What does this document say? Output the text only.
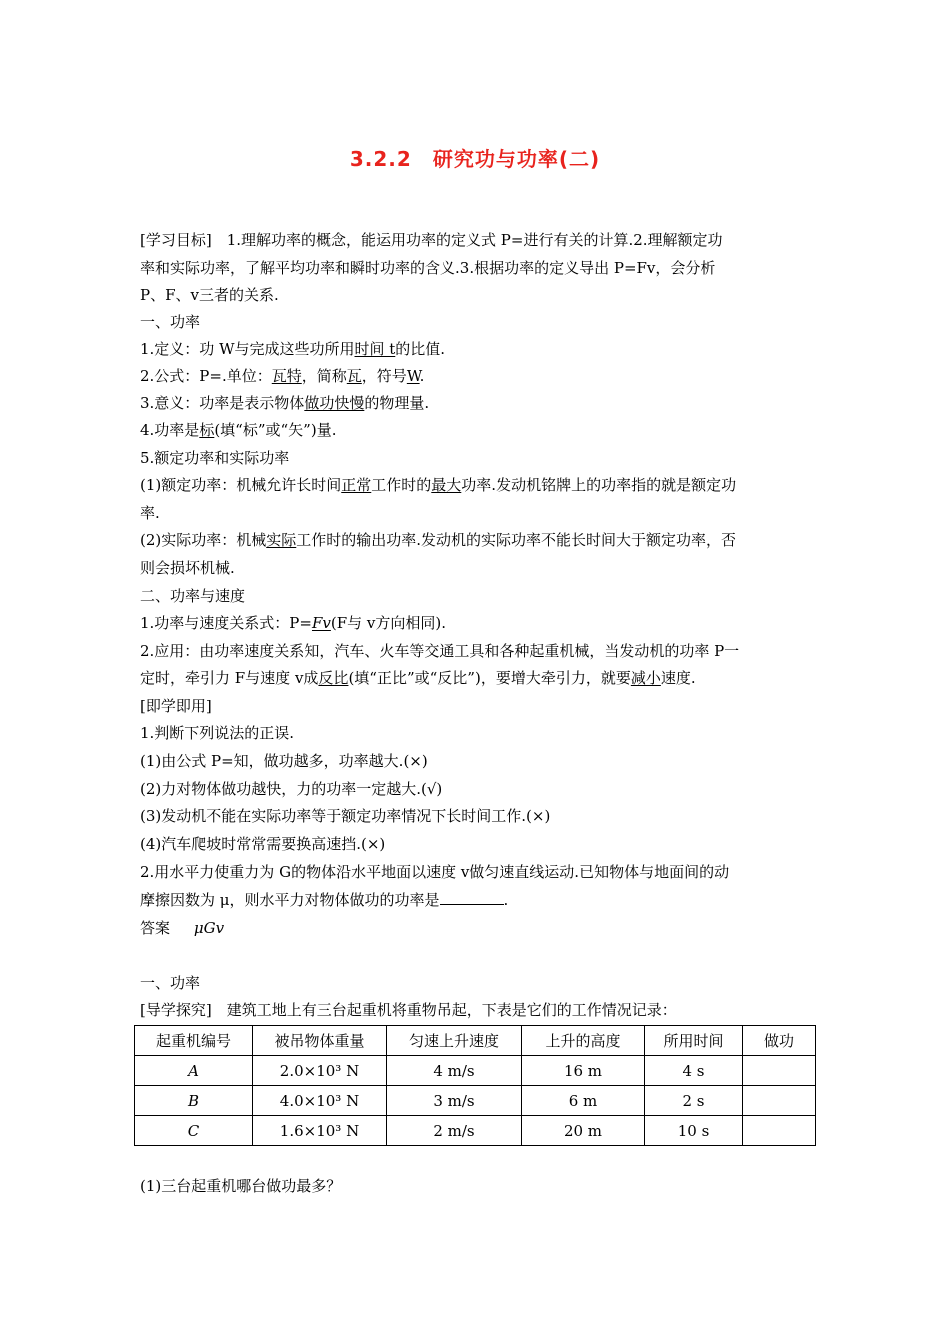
3.2.2　研究功与功率(二)
[学习目标]　1.理解功率的概念，能运用功率的定义式 P=进行有关的计算.2.理解额定功
率和实际功率，了解平均功率和瞬时功率的含义.3.根据功率的定义导出 P=Fv，会分析
P、F、v三者的关系.
一、功率
1.定义：功 W与完成这些功所用时间 t的比值.
2.公式：P=.单位：瓦特，简称瓦，符号W.
3.意义：功率是表示物体做功快慢的物理量.
4.功率是标(填“标”或“矢”)量.
5.额定功率和实际功率
(1)额定功率：机械允许长时间正常工作时的最大功率.发动机铭牌上的功率指的就是额定功
率.
(2)实际功率：机械实际工作时的输出功率.发动机的实际功率不能长时间大于额定功率，否
则会损坏机械.
二、功率与速度
1.功率与速度关系式：P=Fv(F与 v方向相同).
2.应用：由功率速度关系知，汽车、火车等交通工具和各种起重机械，当发动机的功率 P一
定时，牵引力 F与速度 v成反比(填“正比”或“反比”)，要增大牵引力，就要减小速度.
[即学即用]
1.判断下列说法的正误.
(1)由公式 P=知，做功越多，功率越大.(×)
(2)力对物体做功越快，力的功率一定越大.(√)
(3)发动机不能在实际功率等于额定功率情况下长时间工作.(×)
(4)汽车爬坡时常常需要换高速挡.(×)
2.用水平力使重力为 G的物体沿水平地面以速度 v做匀速直线运动.已知物体与地面间的动
摩擦因数为 μ，则水平力对物体做功的功率是	.
答案 μGv
一、功率
[导学探究]　建筑工地上有三台起重机将重物吊起，下表是它们的工作情况记录：
起重机编号	被吊物体重量	匀速上升速度	上升的高度	所用时间	做功
A	2.0×10³ N	4 m/s	16 m	4 s	
B	4.0×10³ N	3 m/s	6 m	2 s	
C	1.6×10³ N	2 m/s	20 m	10 s	
(1)三台起重机哪台做功最多？
